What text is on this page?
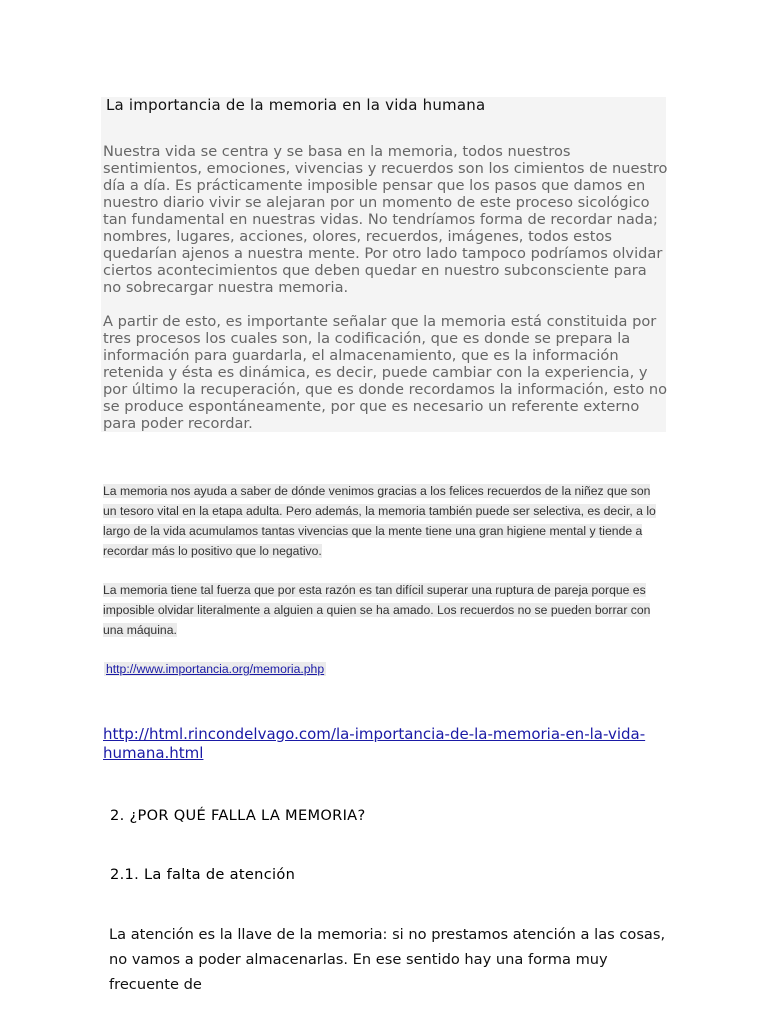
La importancia de la memoria en la vida humana

Nuestra vida se centra y se basa en la memoria, todos nuestros sentimientos, emociones, vivencias y recuerdos son los cimientos de nuestro día a día. Es prácticamente imposible pensar que los pasos que damos en nuestro diario vivir se alejaran por un momento de este proceso sicológico tan fundamental en nuestras vidas. No tendríamos forma de recordar nada; nombres, lugares, acciones, olores, recuerdos, imágenes, todos estos quedarían ajenos a nuestra mente. Por otro lado tampoco podríamos olvidar ciertos acontecimientos que deben quedar en nuestro subconsciente para no sobrecargar nuestra memoria.

A partir de esto, es importante señalar que la memoria está constituida por tres procesos los cuales son, la codificación, que es donde se prepara la información para guardarla, el almacenamiento, que es la información retenida y ésta es dinámica, es decir, puede cambiar con la experiencia, y por último la recuperación, que es donde recordamos la información, esto no se produce espontáneamente, por que es necesario un referente externo para poder recordar.

La memoria nos ayuda a saber de dónde venimos gracias a los felices recuerdos de la niñez que son un tesoro vital en la etapa adulta. Pero además, la memoria también puede ser selectiva, es decir, a lo largo de la vida acumulamos tantas vivencias que la mente tiene una gran higiene mental y tiende a recordar más lo positivo que lo negativo.

La memoria tiene tal fuerza que por esta razón es tan difícil superar una ruptura de pareja porque es imposible olvidar literalmente a alguien a quien se ha amado. Los recuerdos no se pueden borrar con una máquina.

http://www.importancia.org/memoria.php
http://html.rincondelvago.com/la-importancia-de-la-memoria-en-la-vida-humana.html
2. ¿POR QUÉ FALLA LA MEMORIA?
2.1. La falta de atención

La atención es la llave de la memoria: si no prestamos atención a las cosas, no vamos a poder almacenarlas. En ese sentido hay una forma muy frecuente de
